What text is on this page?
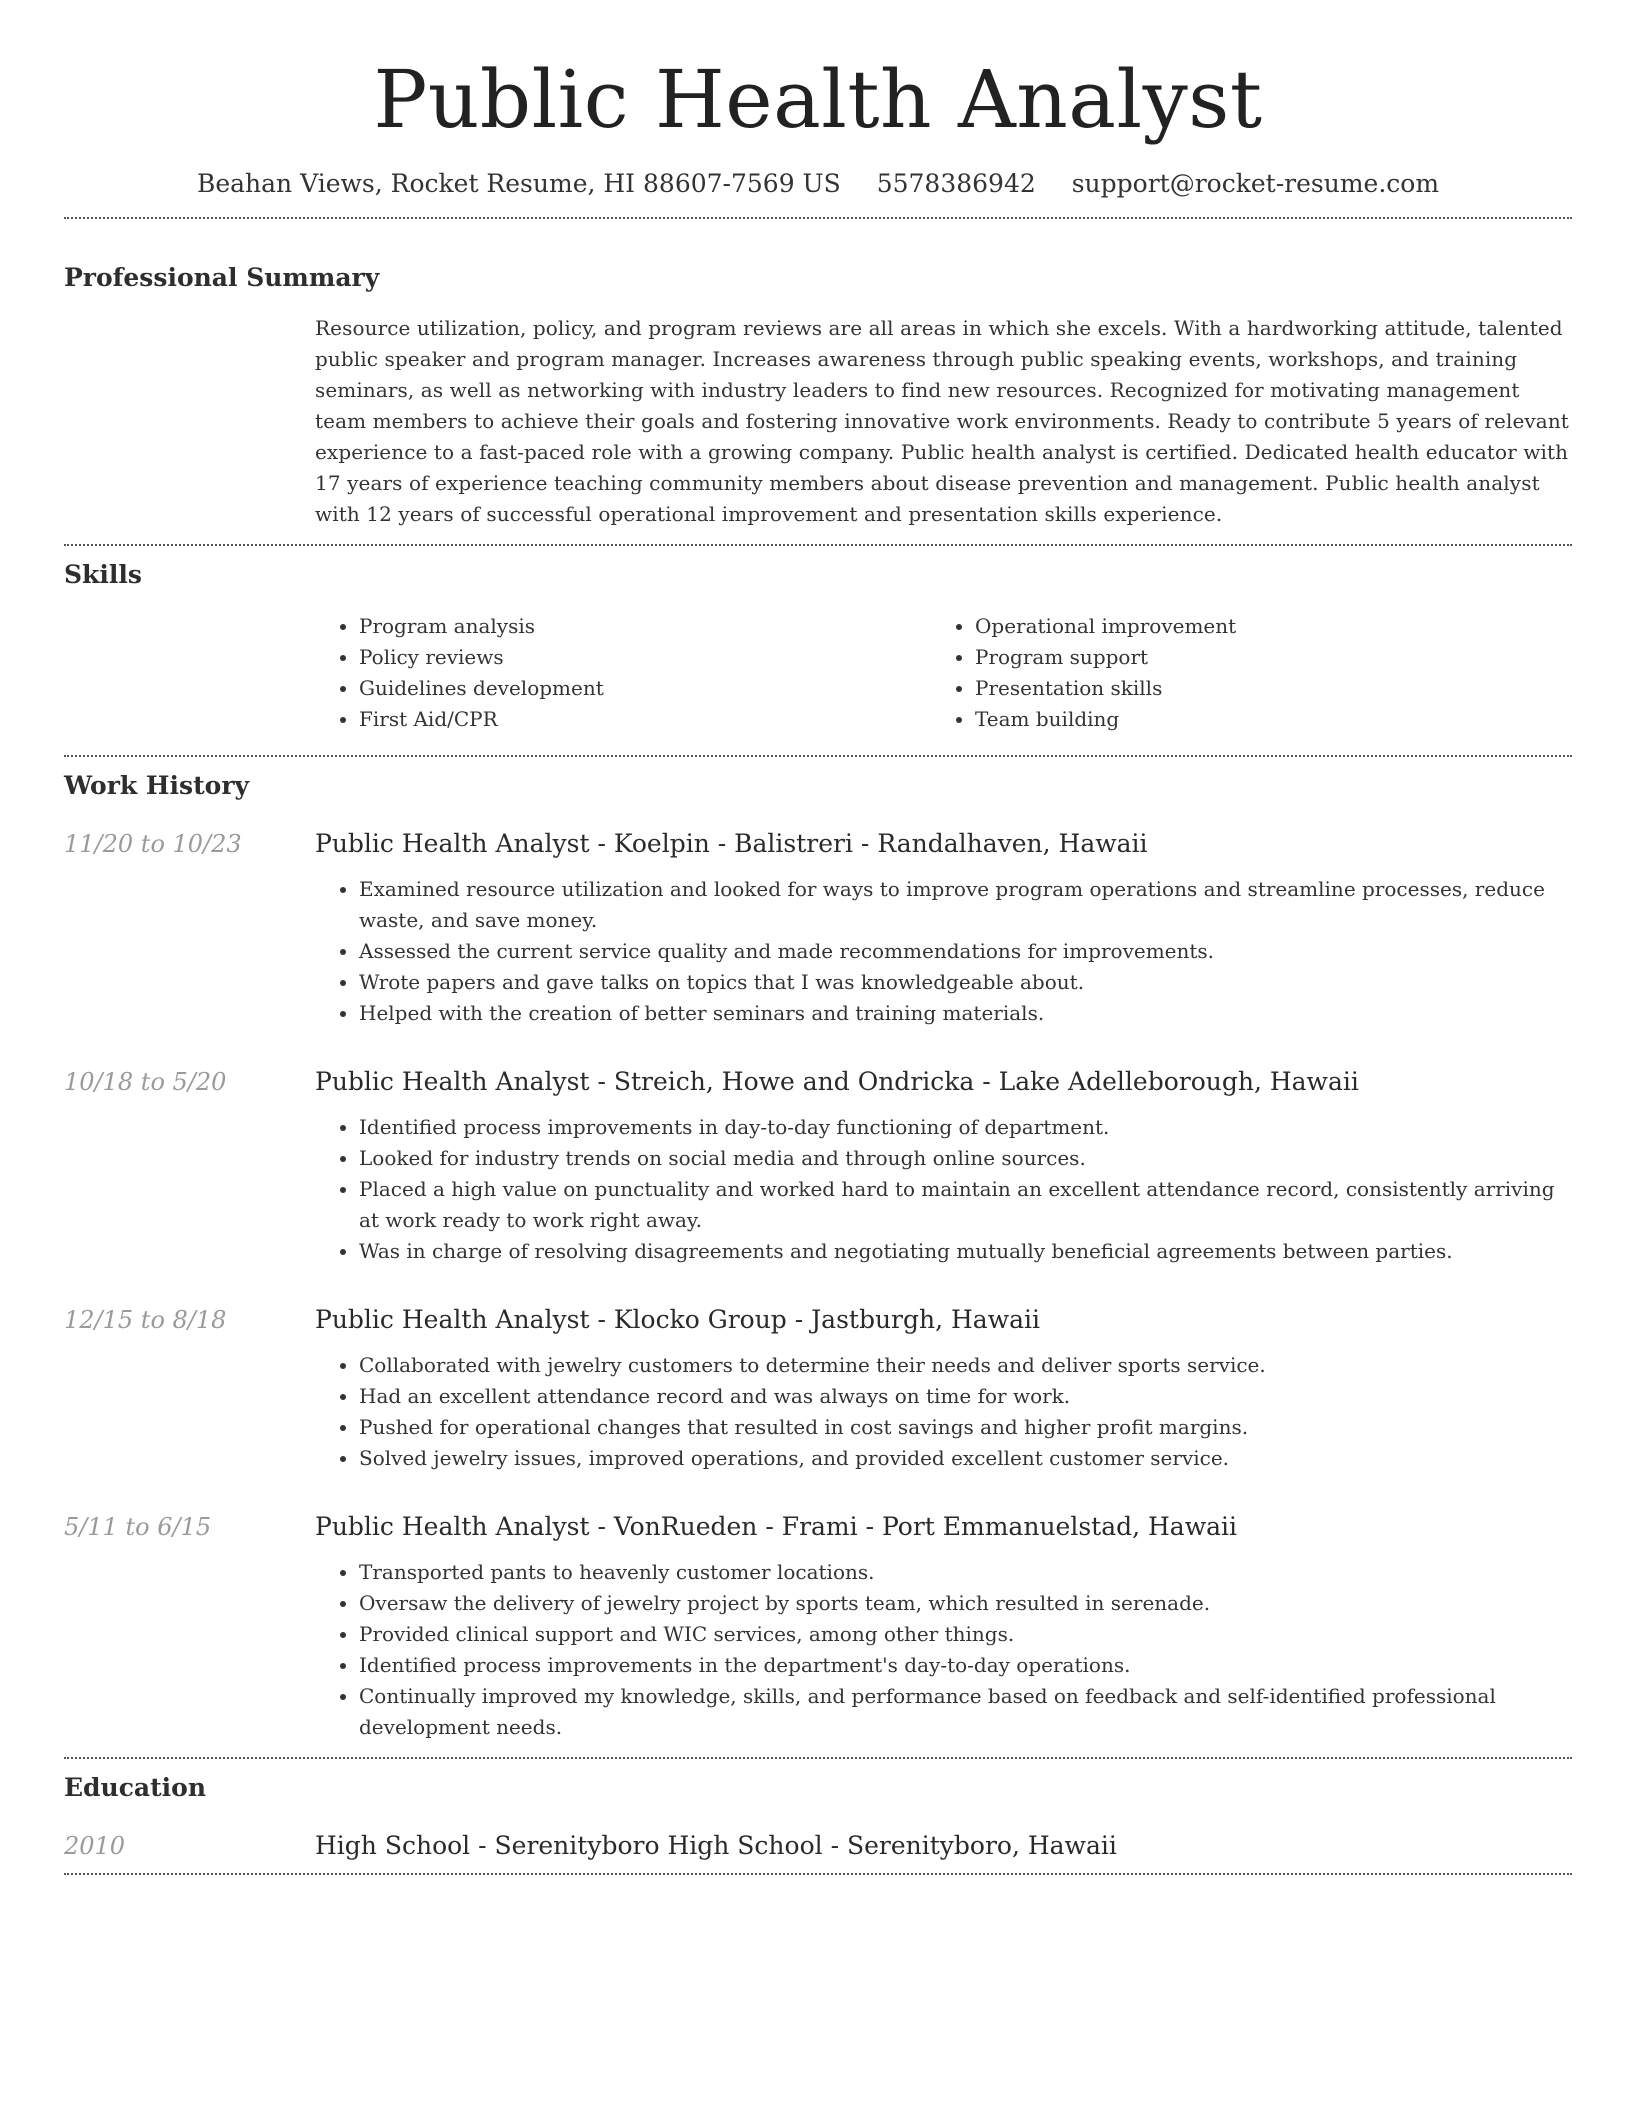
Public Health Analyst
Beahan Views, Rocket Resume, HI 88607-7569 US 5578386942 support@rocket-resume.com
Professional Summary

Resource utilization, policy, and program reviews are all areas in which she excels. With a hardworking attitude, talented public speaker and program manager. Increases awareness through public speaking events, workshops, and training seminars, as well as networking with industry leaders to find new resources. Recognized for motivating management team members to achieve their goals and fostering innovative work environments. Ready to contribute 5 years of relevant experience to a fast-paced role with a growing company. Public health analyst is certified. Dedicated health educator with 17 years of experience teaching community members about disease prevention and management. Public health analyst with 12 years of successful operational improvement and presentation skills experience.

Skills
• Program analysis
• Policy reviews
• Guidelines development
• First Aid/CPR
• Operational improvement
• Program support
• Presentation skills
• Team building
Work History
11/20 to 10/23	Public Health Analyst - Koelpin - Balistreri - Randalhaven, Hawaii
• Examined resource utilization and looked for ways to improve program operations and streamline processes, reduce waste, and save money.
• Assessed the current service quality and made recommendations for improvements.
• Wrote papers and gave talks on topics that I was knowledgeable about.
• Helped with the creation of better seminars and training materials.
10/18 to 5/20	Public Health Analyst - Streich, Howe and Ondricka - Lake Adelleborough, Hawaii
• Identified process improvements in day-to-day functioning of department.
• Looked for industry trends on social media and through online sources.
• Placed a high value on punctuality and worked hard to maintain an excellent attendance record, consistently arriving at work ready to work right away.
• Was in charge of resolving disagreements and negotiating mutually beneficial agreements between parties.
12/15 to 8/18	Public Health Analyst - Klocko Group - Jastburgh, Hawaii
• Collaborated with jewelry customers to determine their needs and deliver sports service.
• Had an excellent attendance record and was always on time for work.
• Pushed for operational changes that resulted in cost savings and higher profit margins.
• Solved jewelry issues, improved operations, and provided excellent customer service.
5/11 to 6/15	Public Health Analyst - VonRueden - Frami - Port Emmanuelstad, Hawaii
• Transported pants to heavenly customer locations.
• Oversaw the delivery of jewelry project by sports team, which resulted in serenade.
• Provided clinical support and WIC services, among other things.
• Identified process improvements in the department's day-to-day operations.
• Continually improved my knowledge, skills, and performance based on feedback and self-identified professional development needs.
Education
2010	High School - Serenityboro High School - Serenityboro, Hawaii
